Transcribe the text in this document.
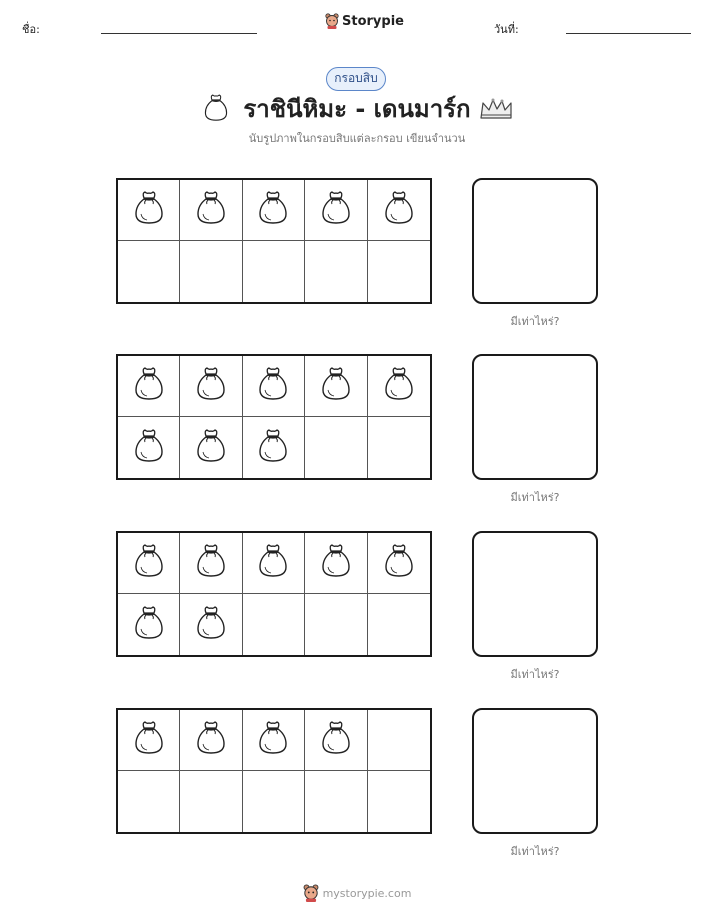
ชื่อ:
Storypie
วันที่:
กรอบสิบ
ราชินีหิมะ - เดนมาร์ก
นับรูปภาพในกรอบสิบแต่ละกรอบ เขียนจำนวน
มีเท่าไหร่?
มีเท่าไหร่?
มีเท่าไหร่?
มีเท่าไหร่?
mystorypie.com
